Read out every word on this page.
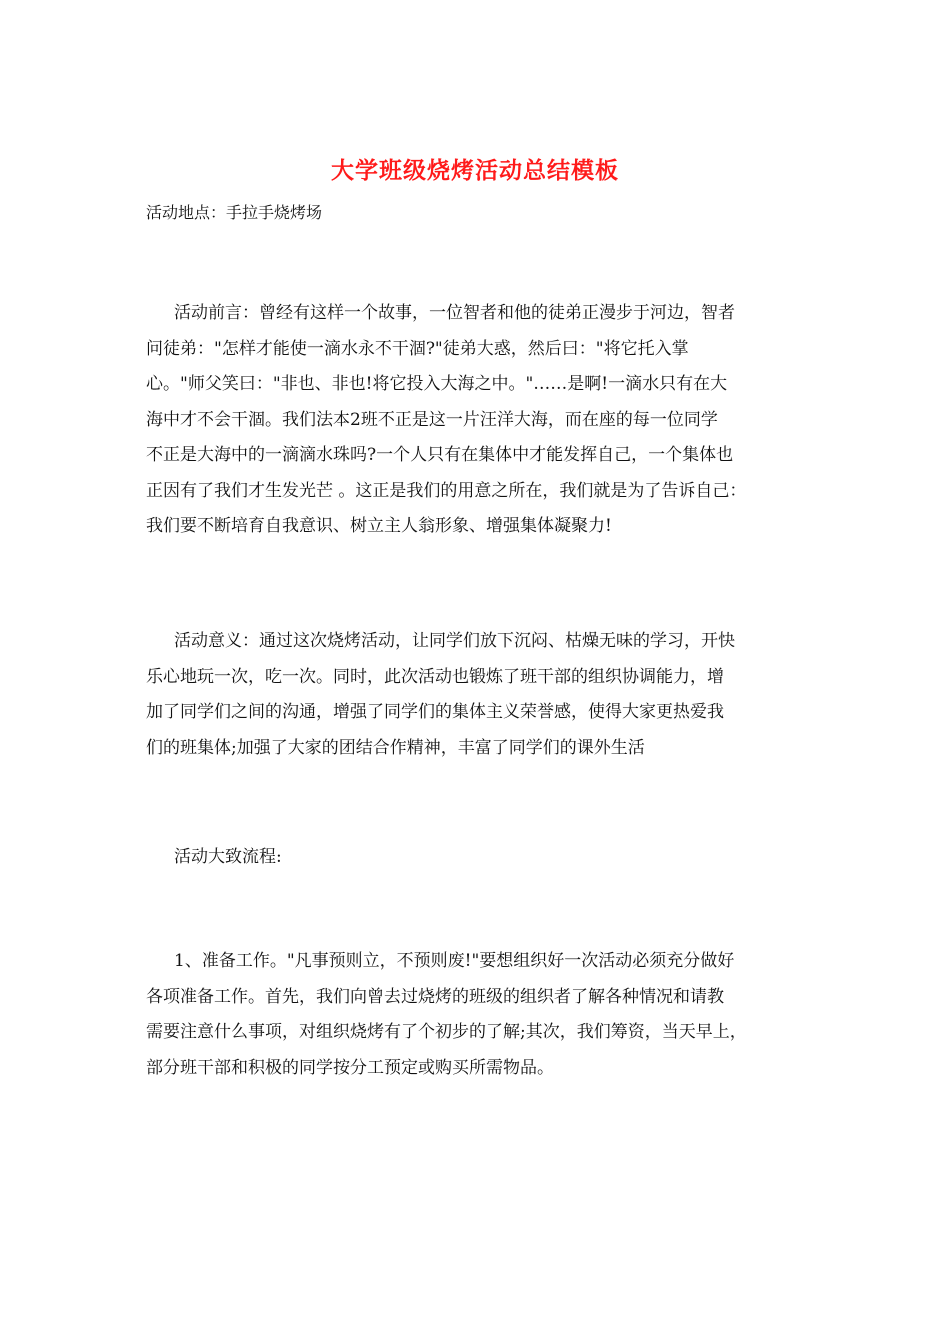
大学班级烧烤活动总结模板
活动地点：手拉手烧烤场
活动前言：曾经有这样一个故事，一位智者和他的徒弟正漫步于河边，智者
问徒弟："怎样才能使一滴水永不干涸?"徒弟大惑，然后曰："将它托入掌
心。"师父笑曰："非也、非也!将它投入大海之中。"……是啊!一滴水只有在大
海中才不会干涸。我们法本2班不正是这一片汪洋大海，而在座的每一位同学
不正是大海中的一滴滴水珠吗?一个人只有在集体中才能发挥自己，一个集体也
正因有了我们才生发光芒 。这正是我们的用意之所在，我们就是为了告诉自己：
我们要不断培育自我意识、树立主人翁形象、增强集体凝聚力!
活动意义：通过这次烧烤活动，让同学们放下沉闷、枯燥无味的学习，开快
乐心地玩一次，吃一次。同时，此次活动也锻炼了班干部的组织协调能力，增
加了同学们之间的沟通，增强了同学们的集体主义荣誉感，使得大家更热爱我
们的班集体;加强了大家的团结合作精神，丰富了同学们的课外生活
活动大致流程:
1、准备工作。"凡事预则立，不预则废!"要想组织好一次活动必须充分做好
各项准备工作。首先，我们向曾去过烧烤的班级的组织者了解各种情况和请教
需要注意什么事项，对组织烧烤有了个初步的了解;其次，我们筹资，当天早上，
部分班干部和积极的同学按分工预定或购买所需物品。
